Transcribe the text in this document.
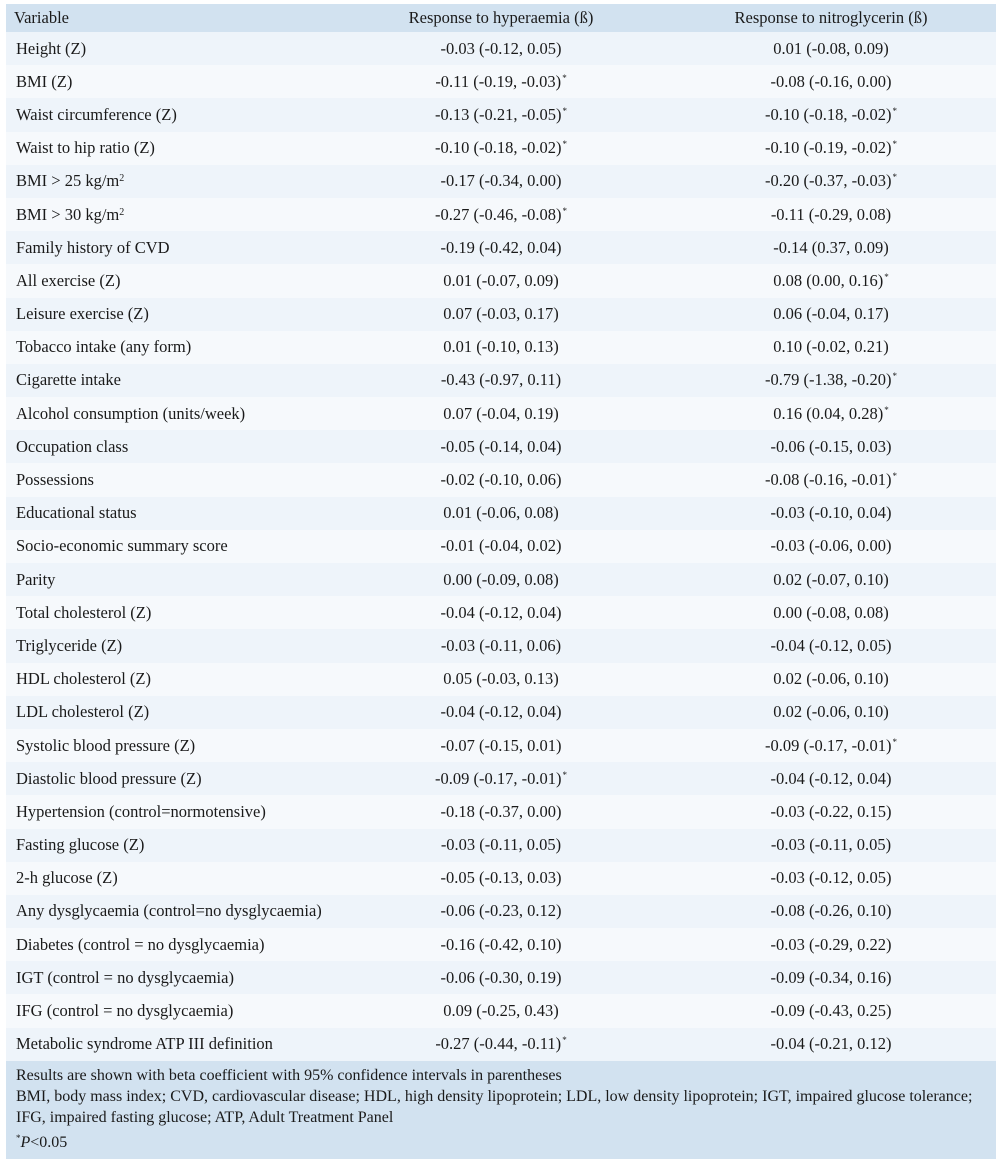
Variable	Response to hyperaemia (ß)	Response to nitroglycerin (ß)
Height (Z)	-0.03 (-0.12, 0.05)	0.01 (-0.08, 0.09)
BMI (Z)	-0.11 (-0.19, -0.03)*	-0.08 (-0.16, 0.00)
Waist circumference (Z)	-0.13 (-0.21, -0.05)*	-0.10 (-0.18, -0.02)*
Waist to hip ratio (Z)	-0.10 (-0.18, -0.02)*	-0.10 (-0.19, -0.02)*
BMI > 25 $kg/m^2$	-0.17 (-0.34, 0.00)	-0.20 (-0.37, -0.03)*
BMI > 30 $kg/m^2$	-0.27 (-0.46, -0.08)*	-0.11 (-0.29, 0.08)
Family history of CVD	-0.19 (-0.42, 0.04)	-0.14 (0.37, 0.09)
All exercise (Z)	0.01 (-0.07, 0.09)	0.08 (0.00, 0.16)*
Leisure exercise (Z)	0.07 (-0.03, 0.17)	0.06 (-0.04, 0.17)
Tobacco intake (any form)	0.01 (-0.10, 0.13)	0.10 (-0.02, 0.21)
Cigarette intake	-0.43 (-0.97, 0.11)	-0.79 (-1.38, -0.20)*
Alcohol consumption (units/week)	0.07 (-0.04, 0.19)	0.16 (0.04, 0.28)*
Occupation class	-0.05 (-0.14, 0.04)	-0.06 (-0.15, 0.03)
Possessions	-0.02 (-0.10, 0.06)	-0.08 (-0.16, -0.01)*
Educational status	0.01 (-0.06, 0.08)	-0.03 (-0.10, 0.04)
Socio-economic summary score	-0.01 (-0.04, 0.02)	-0.03 (-0.06, 0.00)
Parity	0.00 (-0.09, 0.08)	0.02 (-0.07, 0.10)
Total cholesterol (Z)	-0.04 (-0.12, 0.04)	0.00 (-0.08, 0.08)
Triglyceride (Z)	-0.03 (-0.11, 0.06)	-0.04 (-0.12, 0.05)
HDL cholesterol (Z)	0.05 (-0.03, 0.13)	0.02 (-0.06, 0.10)
LDL cholesterol (Z)	-0.04 (-0.12, 0.04)	0.02 (-0.06, 0.10)
Systolic blood pressure (Z)	-0.07 (-0.15, 0.01)	-0.09 (-0.17, -0.01)*
Diastolic blood pressure (Z)	-0.09 (-0.17, -0.01)*	-0.04 (-0.12, 0.04)
Hypertension (control=normotensive)	-0.18 (-0.37, 0.00)	-0.03 (-0.22, 0.15)
Fasting glucose (Z)	-0.03 (-0.11, 0.05)	-0.03 (-0.11, 0.05)
2-h glucose (Z)	-0.05 (-0.13, 0.03)	-0.03 (-0.12, 0.05)
Any dysglycaemia (control=no dysglycaemia)	-0.06 (-0.23, 0.12)	-0.08 (-0.26, 0.10)
Diabetes (control = no dysglycaemia)	-0.16 (-0.42, 0.10)	-0.03 (-0.29, 0.22)
IGT (control = no dysglycaemia)	-0.06 (-0.30, 0.19)	-0.09 (-0.34, 0.16)
IFG (control = no dysglycaemia)	0.09 (-0.25, 0.43)	-0.09 (-0.43, 0.25)
Metabolic syndrome ATP III definition	-0.27 (-0.44, -0.11)*	-0.04 (-0.21, 0.12)
Results are shown with beta coefficient with 95% confidence intervals in parentheses
BMI, body mass index; CVD, cardiovascular disease; HDL, high density lipoprotein; LDL, low density lipoprotein; IGT, impaired glucose tolerance; IFG, impaired fasting glucose; ATP, Adult Treatment Panel
*P<0.05
